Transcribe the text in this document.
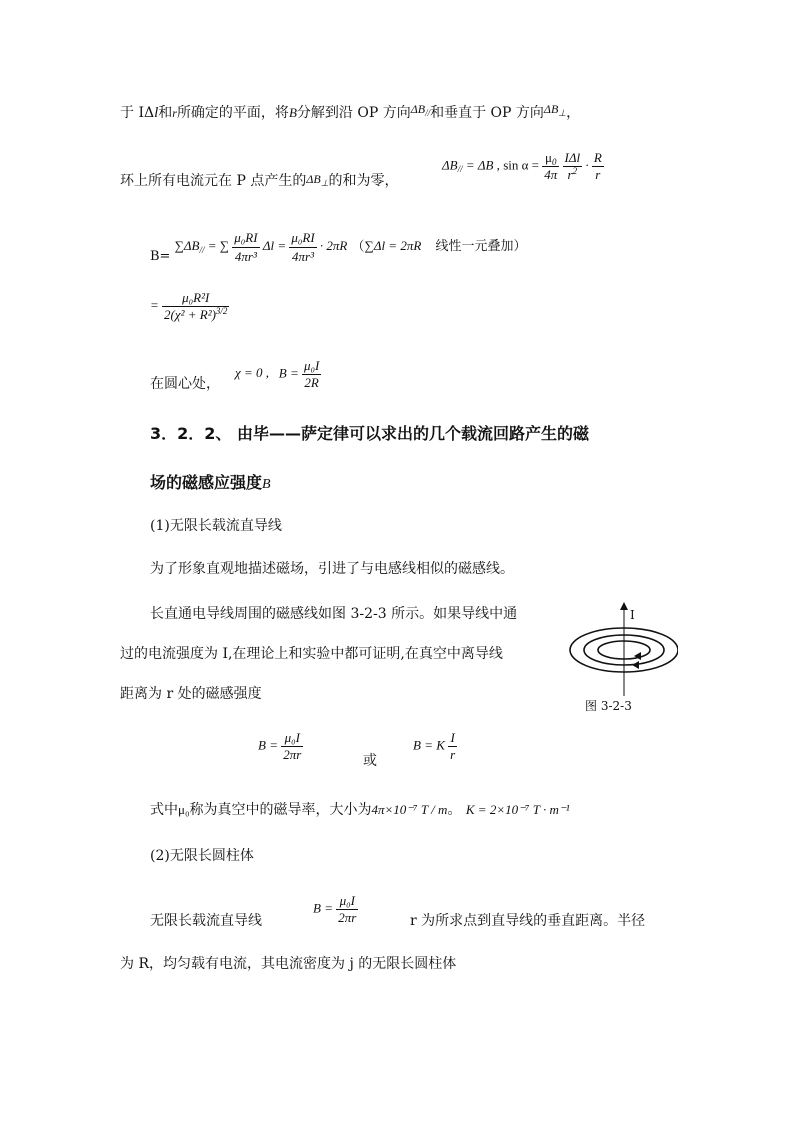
于 IΔl和r所确定的平面，将B分解到沿 OP 方向$\Delta B_{//}$和垂直于 OP 方向$\Delta B_\perp$，
环上所有电流元在 P 点产生的$\Delta B_\perp$的和为零，
$\Delta B_{//} = \Delta B$ , $\sin \alpha = \frac{\mu_0}{4\pi}$
$\frac{\text{IΔl}}{r^2} \cdot \frac{R}{r}$
$B= \sum\Delta B_{//}$ = ∑ $\frac{\text{μ₀RI}}{\text{4πr³}}$ $\Delta l = \frac{\text{μ₀RI}}{\text{4πr³}} \cdot 2\pi R$ （∑Δl = 2πR 线性一元叠加）
= $\frac{\text{μ₀R²I}}{2(\chi^2 + R^2)^{3/2}}$
在圆心处，
χ = 0 , $B = \frac{\text{μ₀I}}{2R}$
3．2．2、 由毕——萨定律可以求出的几个载流回路产生的磁
场的磁感应强度B
(1)无限长载流直导线
为了形象直观地描述磁场，引进了与电感线相似的磁感线。
长直通电导线周围的磁感线如图 3-2-3 所示。如果导线中通
过的电流强度为 I,在理论上和实验中都可证明,在真空中离导线
距离为 r 处的磁感强度
I
图 3-2-3
$B = \frac{\text{μ₀I}}{2\pi r}$	或
B = K $\frac{I}{r}$
式中μ₀称为真空中的磁导率，大小为4π×10⁻⁷ T / m。 K = 2×10⁻⁷ T · m⁻¹
(2)无限长圆柱体
无限长载流直导线
$B = \frac{\text{μ₀I}}{2\pi r}$	r 为所求点到直导线的垂直距离。半径
为 R，均匀载有电流，其电流密度为 j 的无限长圆柱体
